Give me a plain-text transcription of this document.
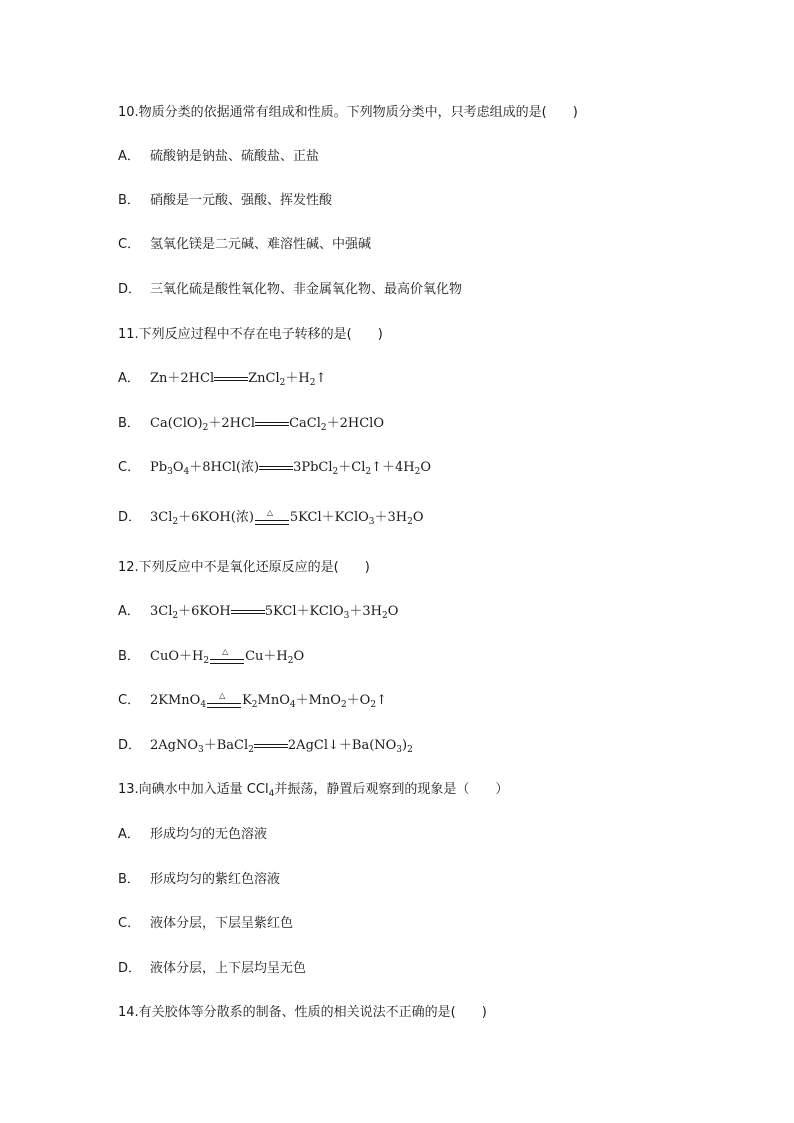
10.物质分类的依据通常有组成和性质。下列物质分类中，只考虑组成的是(　　)
A． 硫酸钠是钠盐、硫酸盐、正盐
B． 硝酸是一元酸、强酸、挥发性酸
C． 氢氧化镁是二元碱、难溶性碱、中强碱
D． 三氧化硫是酸性氧化物、非金属氧化物、最高价氧化物
11.下列反应过程中不存在电子转移的是(　　)
A． Zn＋2HCl	$ZnCl_2+H_2↑$
B． $Ca(ClO)_2+2HCl$	CaCl$_2$＋2HClO
C． $Pb_3O_4+8HCl$(浓)	$3PbCl_2+Cl_2↑+4H_2O$
D． $3Cl_2+6KOH$(浓) △ $5KCl+KClO_3+3H_2O$
12.下列反应中不是氧化还原反应的是(　　)
A． $3Cl_2+6KOH$	$5KCl+KClO_3+3H_2O$
B． $CuO+H_2$
△ $Cu+H_2O$
C． 2KMnO$_4$
△ $K_2MnO_4+MnO_2+O_2↑$
D． 2AgNO$_3$＋BaCl$_2$	$2AgCl↓+Ba(NO_3)_2$
13.向碘水中加入适量 CCl$_4$并振荡，静置后观察到的现象是（　　）
A． 形成均匀的无色溶液
B． 形成均匀的紫红色溶液
C． 液体分层，下层呈紫红色
D． 液体分层，上下层均呈无色
14.有关胶体等分散系的制备、性质的相关说法不正确的是(　　)
